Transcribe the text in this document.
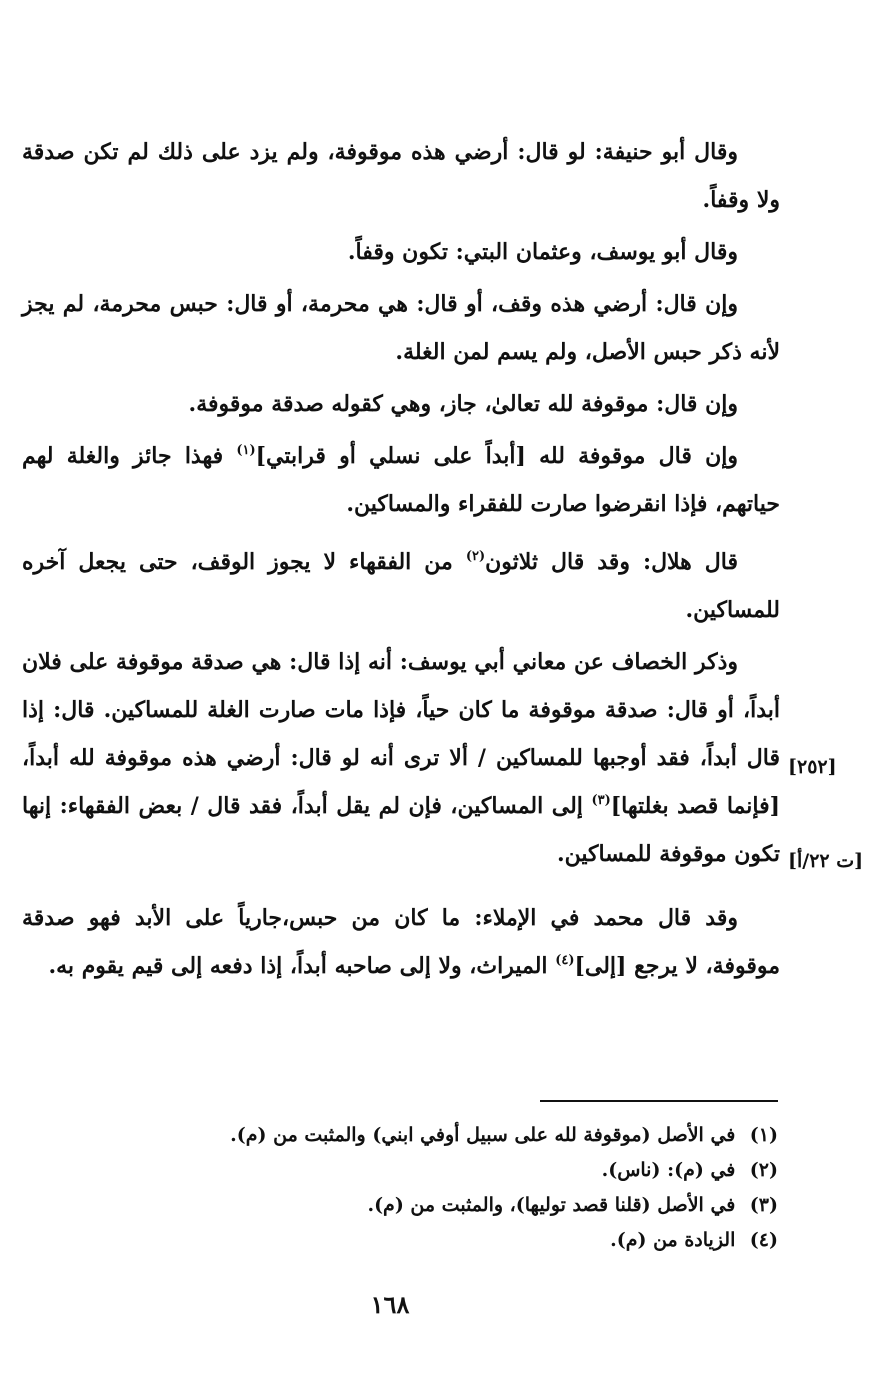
وقال أبو حنيفة: لو قال: أرضي هذه موقوفة، ولم يزد على ذلك لم تكن صدقة ولا وقفاً.

وقال أبو يوسف، وعثمان البتي: تكون وقفاً.

وإن قال: أرضي هذه وقف، أو قال: هي محرمة، أو قال: حبس محرمة، لم يجز لأنه ذكر حبس الأصل، ولم يسم لمن الغلة.

وإن قال: موقوفة لله تعالىٰ، جاز، وهي كقوله صدقة موقوفة.

وإن قال موقوفة لله [أبداً على نسلي أو قرابتي]$^{(١)}$ فهذا جائز والغلة لهم حياتهم، فإذا انقرضوا صارت للفقراء والمساكين.

قال هلال: وقد قال ثلاثون$^{(٢)}$ من الفقهاء لا يجوز الوقف، حتى يجعل آخره للمساكين.

وذكر الخصاف عن معاني أبي يوسف: أنه إذا قال: هي صدقة موقوفة على فلان أبداً، أو قال: صدقة موقوفة ما كان حياً، فإذا مات صارت الغلة للمساكين. قال: إذا قال أبداً، فقد أوجبها للمساكين / ألا ترى أنه لو قال: أرضي هذه موقوفة لله أبداً، [فإنما قصد بغلتها]$^{(٣)}$ إلى المساكين، فإن لم يقل أبداً، فقد قال / بعض الفقهاء: إنها تكون موقوفة للمساكين.

وقد قال محمد في الإملاء: ما كان من حبس،جارياً على الأبد فهو صدقة موقوفة، لا يرجع [إلى]$^{(٤)}$ الميراث، ولا إلى صاحبه أبداً، إذا دفعه إلى قيم يقوم به.

[٢٥٢]
[ت ٢٢/أ]

(١) في الأصل (موقوفة لله على سبيل أوفي ابني) والمثبت من (م).

(٢) في (م): (ناس).

(٣) في الأصل (قلنا قصد توليها)، والمثبت من (م).

(٤) الزيادة من (م).

١٦٨
